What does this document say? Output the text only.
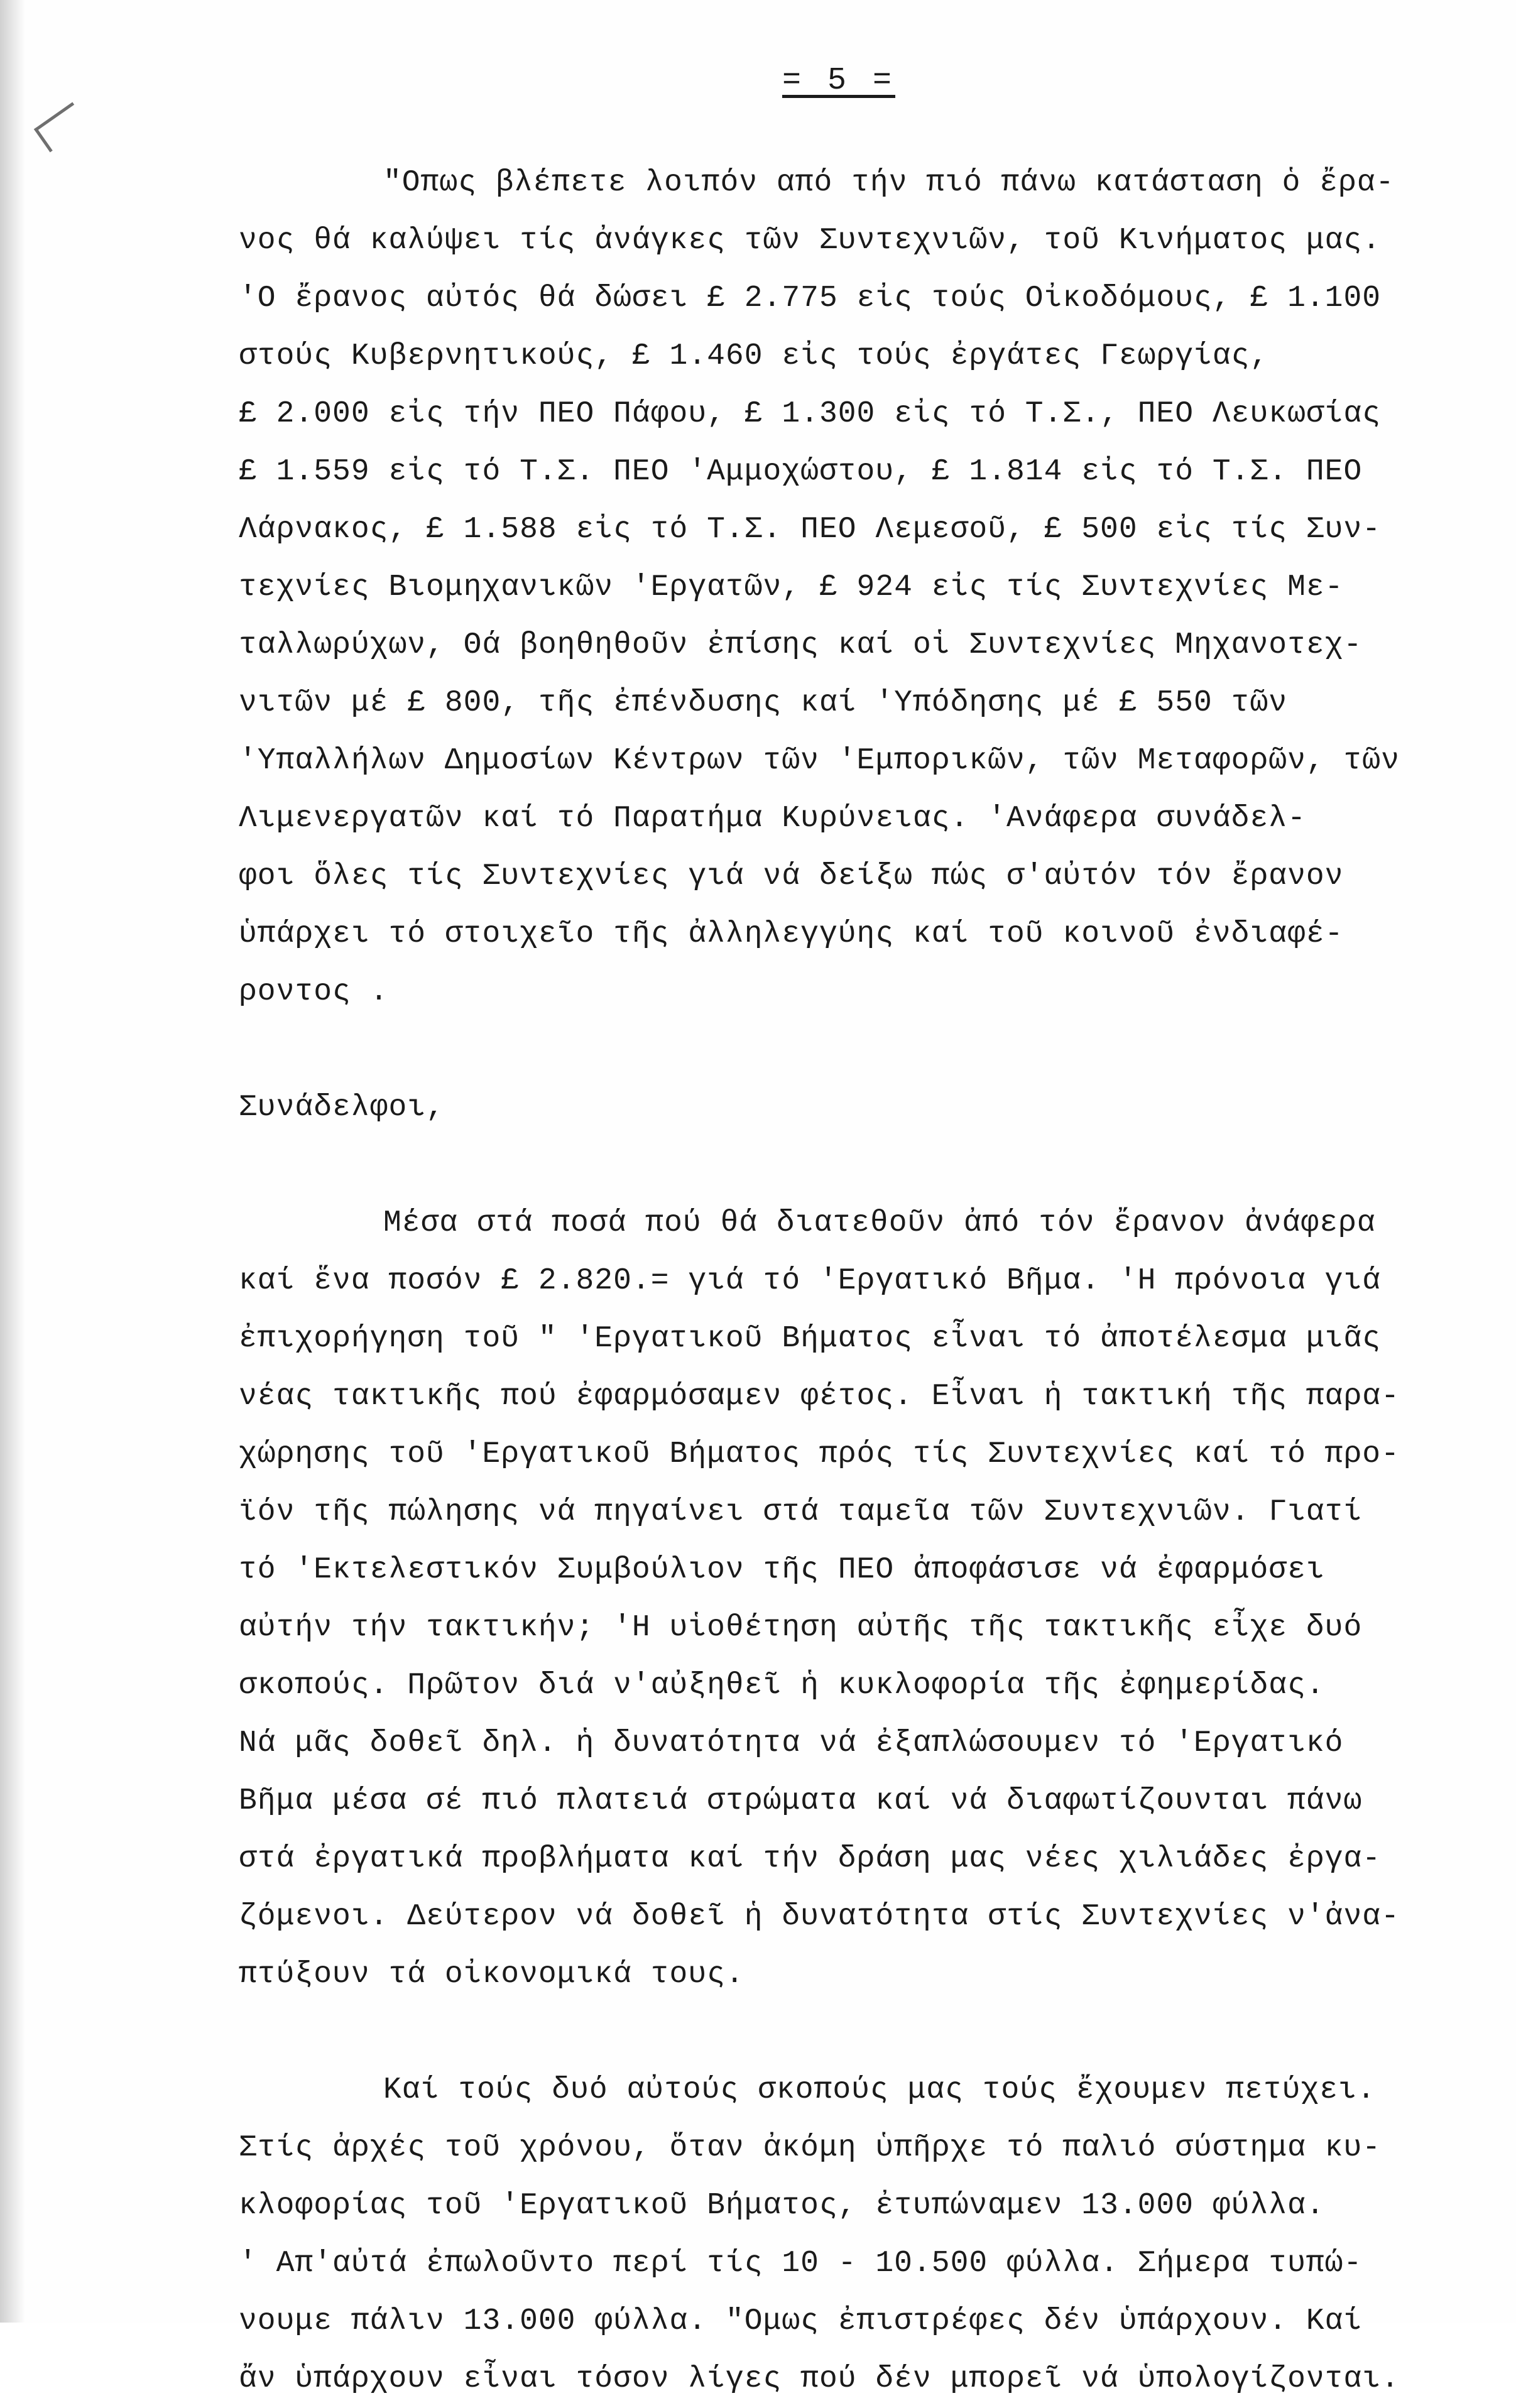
= 5 =
"Οπως βλέπετε λοιπόν από τήν πιό πάνω κατάσταση ὁ ἔρα-
νος θά καλύψει τίς ἀνάγκες τῶν Συντεχνιῶν, τοῦ Κινήματος μας.
'Ο ἔρανος αὐτός θά δώσει £ 2.775 εἰς τούς Οἰκοδόμους, £ 1.100
στούς Κυβερνητικούς, £ 1.460 εἰς τούς ἐργάτες Γεωργίας,
£ 2.000 εἰς τήν ΠΕΟ Πάφου, £ 1.300 εἰς τό Τ.Σ., ΠΕΟ Λευκωσίας
£ 1.559 εἰς τό Τ.Σ. ΠΕΟ 'Αμμοχώστου, £ 1.814 εἰς τό Τ.Σ. ΠΕΟ
Λάρνακος, £ 1.588 εἰς τό Τ.Σ. ΠΕΟ Λεμεσοῦ, £ 500 εἰς τίς Συν-
τεχνίες Βιομηχανικῶν 'Εργατῶν, £ 924 εἰς τίς Συντεχνίες Με-
ταλλωρύχων, Θά βοηθηθοῦν ἐπίσης καί οἱ Συντεχνίες Μηχανοτεχ-
νιτῶν μέ £ 800, τῆς ἐπένδυσης καί 'Υπόδησης μέ £ 550 τῶν
'Υπαλλήλων Δημοσίων Κέντρων τῶν 'Εμπορικῶν, τῶν Μεταφορῶν, τῶν
Λιμενεργατῶν καί τό Παρατήμα Κυρύνειας. 'Ανάφερα συνάδελ-
φοι ὅλες τίς Συντεχνίες γιά νά δείξω πώς σ'αὐτόν τόν ἔρανον
ὑπάρχει τό στοιχεῖο τῆς ἀλληλεγγύης καί τοῦ κοινοῦ ἐνδιαφέ-
ροντος .
Συνάδελφοι,
Μέσα στά ποσά πού θά διατεθοῦν ἀπό τόν ἔρανον ἀνάφερα
καί ἕνα ποσόν £ 2.820.= γιά τό 'Εργατικό Βῆμα. 'Η πρόνοια γιά
ἐπιχορήγηση τοῦ " 'Εργατικοῦ Βήματος εἶναι τό ἀποτέλεσμα μιᾶς
νέας τακτικῆς πού ἐφαρμόσαμεν φέτος. Εἶναι ἡ τακτική τῆς παρα-
χώρησης τοῦ 'Εργατικοῦ Βήματος πρός τίς Συντεχνίες καί τό προ-
ϊόν τῆς πώλησης νά πηγαίνει στά ταμεῖα τῶν Συντεχνιῶν. Γιατί
τό 'Εκτελεστικόν Συμβούλιον τῆς ΠΕΟ ἀποφάσισε νά ἐφαρμόσει
αὐτήν τήν τακτικήν; 'Η υἱοθέτηση αὐτῆς τῆς τακτικῆς εἶχε δυό
σκοπούς. Πρῶτον διά ν'αὐξηθεῖ ἡ κυκλοφορία τῆς ἐφημερίδας.
Νά μᾶς δοθεῖ δηλ. ἡ δυνατότητα νά ἐξαπλώσουμεν τό 'Εργατικό
Βῆμα μέσα σέ πιό πλατειά στρώματα καί νά διαφωτίζουνται πάνω
στά ἐργατικά προβλήματα καί τήν δράση μας νέες χιλιάδες ἐργα-
ζόμενοι. Δεύτερον νά δοθεῖ ἡ δυνατότητα στίς Συντεχνίες ν'ἀνα-
πτύξουν τά οἰκονομικά τους.
Καί τούς δυό αὐτούς σκοπούς μας τούς ἔχουμεν πετύχει.
Στίς ἀρχές τοῦ χρόνου, ὅταν ἀκόμη ὑπῆρχε τό παλιό σύστημα κυ-
κλοφορίας τοῦ 'Εργατικοῦ Βήματος, ἐτυπώναμεν 13.000 φύλλα.
' Απ'αὐτά ἐπωλοῦντο περί τίς 10 - 10.500 φύλλα. Σήμερα τυπώ-
νουμε πάλιν 13.000 φύλλα. "Ομως ἐπιστρέφες δέν ὑπάρχουν. Καί
ἄν ὑπάρχουν εἶναι τόσον λίγες πού δέν μπορεῖ νά ὑπολογίζονται.
